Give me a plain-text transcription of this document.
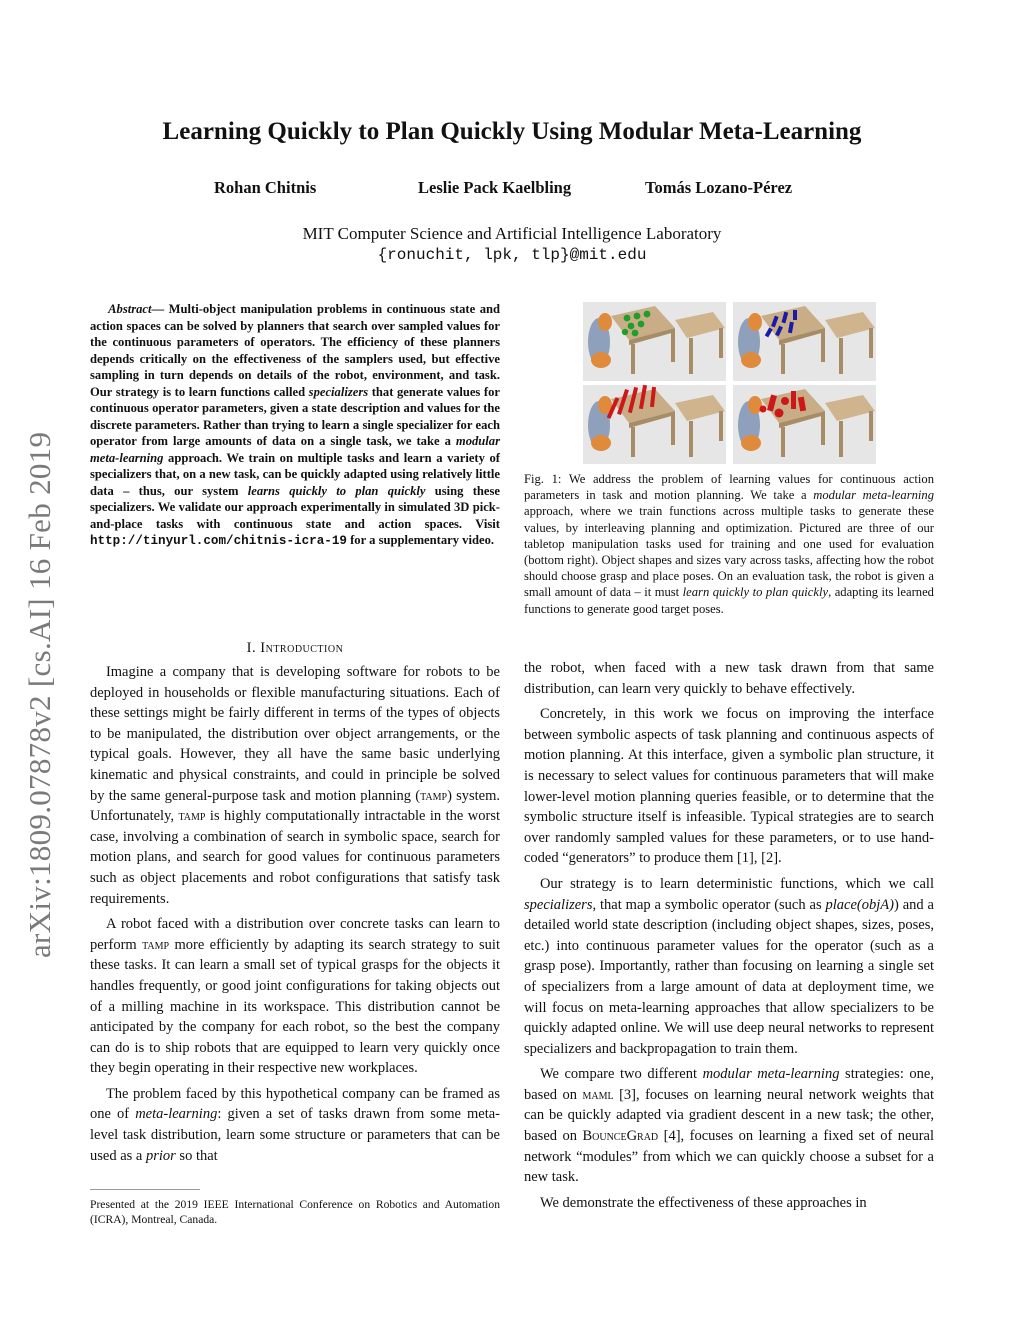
arXiv:1809.07878v2 [cs.AI] 16 Feb 2019
Learning Quickly to Plan Quickly Using Modular Meta-Learning
Rohan Chitnis	Leslie Pack Kaelbling	Tomás Lozano-Pérez
MIT Computer Science and Artificial Intelligence Laboratory
{ronuchit, lpk, tlp}@mit.edu
Abstract— Multi-object manipulation problems in continuous state and action spaces can be solved by planners that search over sampled values for the continuous parameters of operators. The efficiency of these planners depends critically on the effectiveness of the samplers used, but effective sampling in turn depends on details of the robot, environment, and task. Our strategy is to learn functions called specializers that generate values for continuous operator parameters, given a state description and values for the discrete parameters. Rather than trying to learn a single specializer for each operator from large amounts of data on a single task, we take a modular meta-learning approach. We train on multiple tasks and learn a variety of specializers that, on a new task, can be quickly adapted using relatively little data – thus, our system learns quickly to plan quickly using these specializers. We validate our approach experimentally in simulated 3D pick-and-place tasks with continuous state and action spaces. Visit http://tinyurl.com/chitnis-icra-19 for a supplementary video.
I. Introduction

Imagine a company that is developing software for robots to be deployed in households or flexible manufacturing situations. Each of these settings might be fairly different in terms of the types of objects to be manipulated, the distribution over object arrangements, or the typical goals. However, they all have the same basic underlying kinematic and physical constraints, and could in principle be solved by the same general-purpose task and motion planning (tamp) system. Unfortunately, tamp is highly computationally intractable in the worst case, involving a combination of search in symbolic space, search for motion plans, and search for good values for continuous parameters such as object placements and robot configurations that satisfy task requirements.

A robot faced with a distribution over concrete tasks can learn to perform tamp more efficiently by adapting its search strategy to suit these tasks. It can learn a small set of typical grasps for the objects it handles frequently, or good joint configurations for taking objects out of a milling machine in its workspace. This distribution cannot be anticipated by the company for each robot, so the best the company can do is to ship robots that are equipped to learn very quickly once they begin operating in their respective new workplaces.

The problem faced by this hypothetical company can be framed as one of meta-learning: given a set of tasks drawn from some meta-level task distribution, learn some structure or parameters that can be used as a prior so that

Presented at the 2019 IEEE International Conference on Robotics and Automation (ICRA), Montreal, Canada.
Fig. 1: We address the problem of learning values for continuous action parameters in task and motion planning. We take a modular meta-learning approach, where we train functions across multiple tasks to generate these values, by interleaving planning and optimization. Pictured are three of our tabletop manipulation tasks used for training and one used for evaluation (bottom right). Object shapes and sizes vary across tasks, affecting how the robot should choose grasp and place poses. On an evaluation task, the robot is given a small amount of data – it must learn quickly to plan quickly, adapting its learned functions to generate good target poses.

the robot, when faced with a new task drawn from that same distribution, can learn very quickly to behave effectively.

Concretely, in this work we focus on improving the interface between symbolic aspects of task planning and continuous aspects of motion planning. At this interface, given a symbolic plan structure, it is necessary to select values for continuous parameters that will make lower-level motion planning queries feasible, or to determine that the symbolic structure itself is infeasible. Typical strategies are to search over randomly sampled values for these parameters, or to use hand-coded “generators” to produce them [1], [2].

Our strategy is to learn deterministic functions, which we call specializers, that map a symbolic operator (such as place(objA)) and a detailed world state description (including object shapes, sizes, poses, etc.) into continuous parameter values for the operator (such as a grasp pose). Importantly, rather than focusing on learning a single set of specializers from a large amount of data at deployment time, we will focus on meta-learning approaches that allow specializers to be quickly adapted online. We will use deep neural networks to represent specializers and backpropagation to train them.

We compare two different modular meta-learning strategies: one, based on maml [3], focuses on learning neural network weights that can be quickly adapted via gradient descent in a new task; the other, based on BounceGrad [4], focuses on learning a fixed set of neural network “modules” from which we can quickly choose a subset for a new task.

We demonstrate the effectiveness of these approaches in
